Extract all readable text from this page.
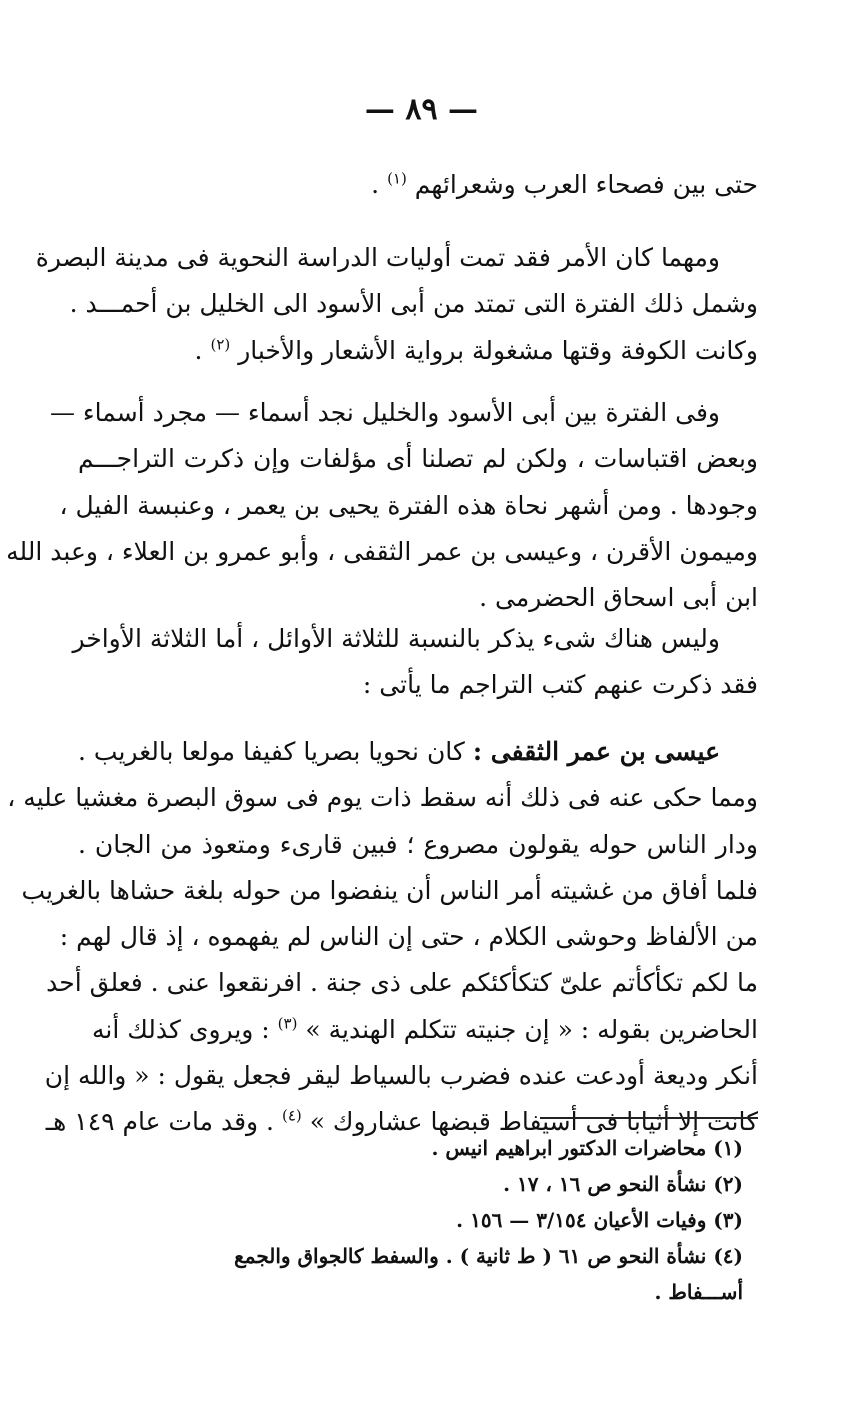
— ٨٩ —
حتى بين فصحاء العرب وشعرائهم $^{(١)}$ .
ومهما كان الأمر فقد تمت أوليات الدراسة النحوية فى مدينة البصرة
وشمل ذلك الفترة التى تمتد من أبى الأسود الى الخليل بن أحمـــد .
وكانت الكوفة وقتها مشغولة برواية الأشعار والأخبار $^{(٢)}$ .
وفى الفترة بين أبى الأسود والخليل نجد أسماء — مجرد أسماء —
وبعض اقتباسات ، ولكن لم تصلنا أى مؤلفات وإن ذكرت التراجـــم
وجودها . ومن أشهر نحاة هذه الفترة يحيى بن يعمر ، وعنبسة الفيل ،
وميمون الأقرن ، وعيسى بن عمر الثقفى ، وأبو عمرو بن العلاء ، وعبد الله
ابن أبى اسحاق الحضرمى .
وليس هناك شىء يذكر بالنسبة للثلاثة الأوائل ، أما الثلاثة الأواخر
فقد ذكرت عنهم كتب التراجم ما يأتى :
عيسى بن عمر الثقفى : كان نحويا بصريا كفيفا مولعا بالغريب .
ومما حكى عنه فى ذلك أنه سقط ذات يوم فى سوق البصرة مغشيا عليه ،
ودار الناس حوله يقولون مصروع ؛ فبين قارىء ومتعوذ من الجان .
فلما أفاق من غشيته أمر الناس أن ينفضوا من حوله بلغة حشاها بالغريب
من الألفاظ وحوشى الكلام ، حتى إن الناس لم يفهموه ، إذ قال لهم :
ما لكم تكأكأتم علىّ كتكأكئكم على ذى جنة . افرنقعوا عنى . فعلق أحد
الحاضرين بقوله : « إن جنيته تتكلم الهندية » $^{(٣)}$ : ويروى كذلك أنه
أنكر وديعة أودعت عنده فضرب بالسياط ليقر فجعل يقول : « والله إن
كانت إلا أثيابا فى أسيفاط قبضها عشاروك » $^{(٤)}$ . وقد مات عام ١٤٩ هـ
(١) محاضرات الدكتور ابراهيم انيس .
(٢) نشأة النحو ص ١٦ ، ١٧ .
(٣) وفيات الأعيان ٣/١٥٤ — ١٥٦ .
(٤) نشأة النحو ص ٦١ ( ط ثانية ) . والسفط كالجواق والجمع
أســـفاط .
